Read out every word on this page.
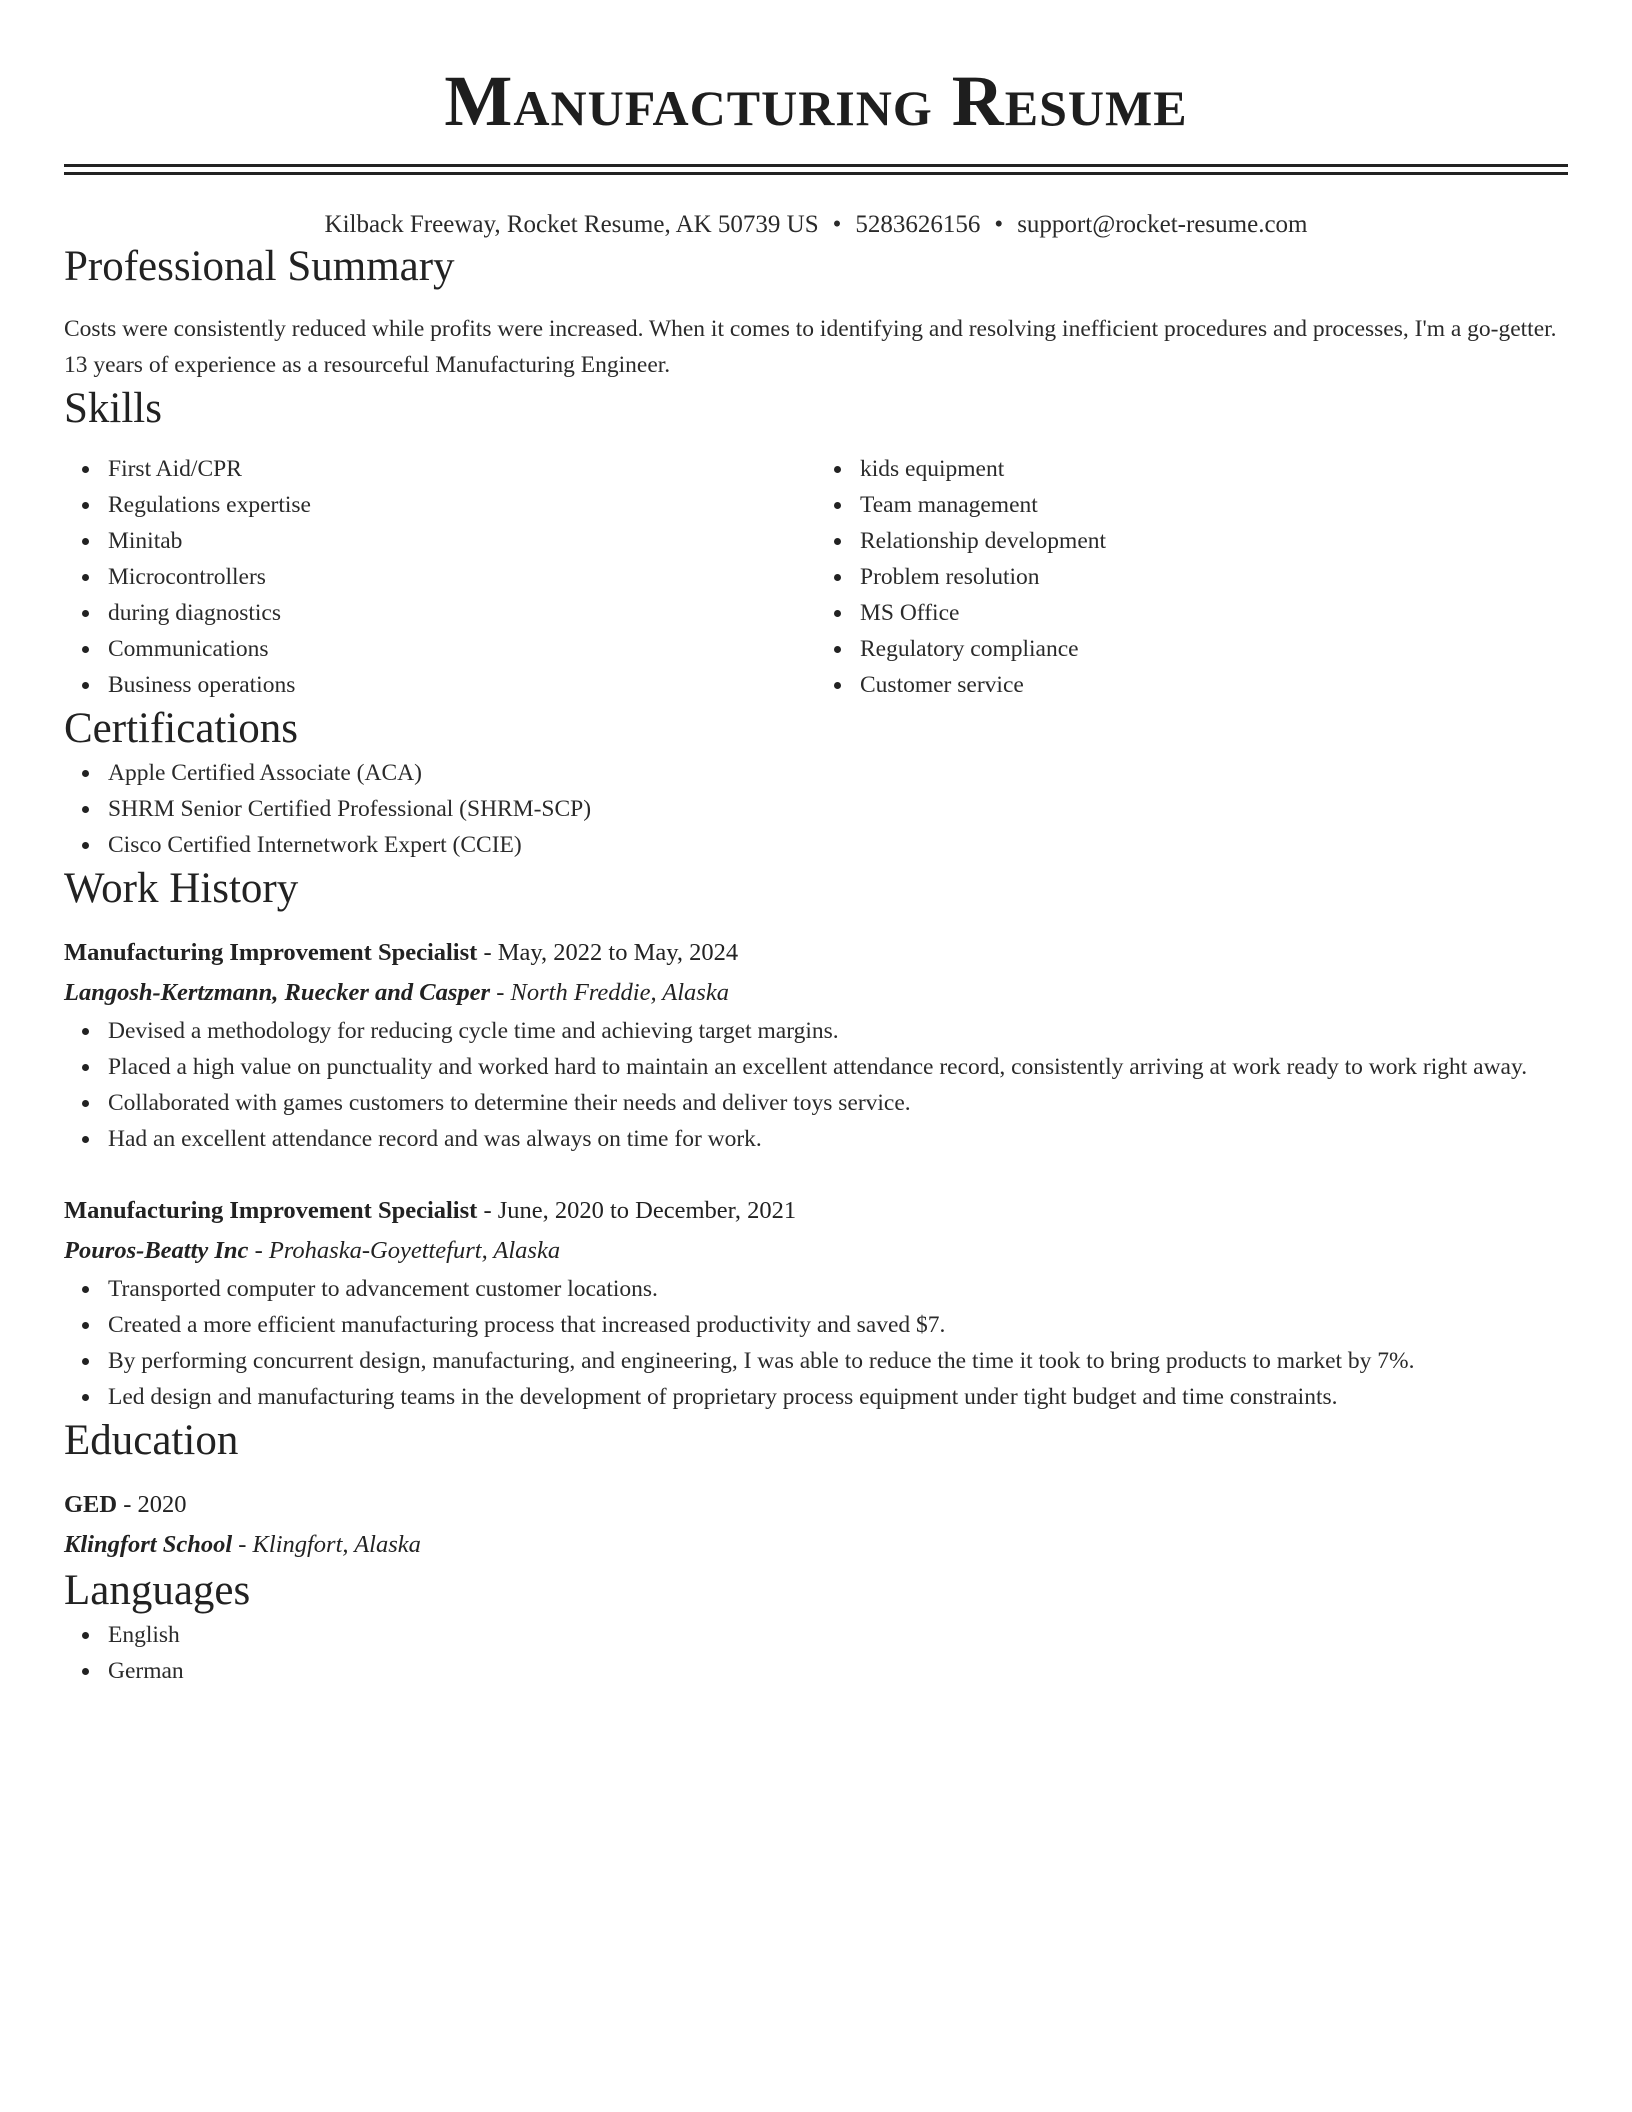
Manufacturing Resume
Kilback Freeway, Rocket Resume, AK 50739 US • 5283626156 • support@rocket-resume.com
Professional Summary

Costs were consistently reduced while profits were increased. When it comes to identifying and resolving inefficient procedures and processes, I'm a go-getter. 13 years of experience as a resourceful Manufacturing Engineer.

Skills
First Aid/CPR
Regulations expertise
Minitab
Microcontrollers
during diagnostics
Communications
Business operations
kids equipment
Team management
Relationship development
Problem resolution
MS Office
Regulatory compliance
Customer service
Certifications
Apple Certified Associate (ACA)
SHRM Senior Certified Professional (SHRM-SCP)
Cisco Certified Internetwork Expert (CCIE)
Work History
Manufacturing Improvement Specialist - May, 2022 to May, 2024
Langosh-Kertzmann, Ruecker and Casper - North Freddie, Alaska
Devised a methodology for reducing cycle time and achieving target margins.
Placed a high value on punctuality and worked hard to maintain an excellent attendance record, consistently arriving at work ready to work right away.
Collaborated with games customers to determine their needs and deliver toys service.
Had an excellent attendance record and was always on time for work.
Manufacturing Improvement Specialist - June, 2020 to December, 2021
Pouros-Beatty Inc - Prohaska-Goyettefurt, Alaska
Transported computer to advancement customer locations.
Created a more efficient manufacturing process that increased productivity and saved $7.
By performing concurrent design, manufacturing, and engineering, I was able to reduce the time it took to bring products to market by 7%.
Led design and manufacturing teams in the development of proprietary process equipment under tight budget and time constraints.
Education
GED - 2020
Klingfort School - Klingfort, Alaska
Languages
English
German
